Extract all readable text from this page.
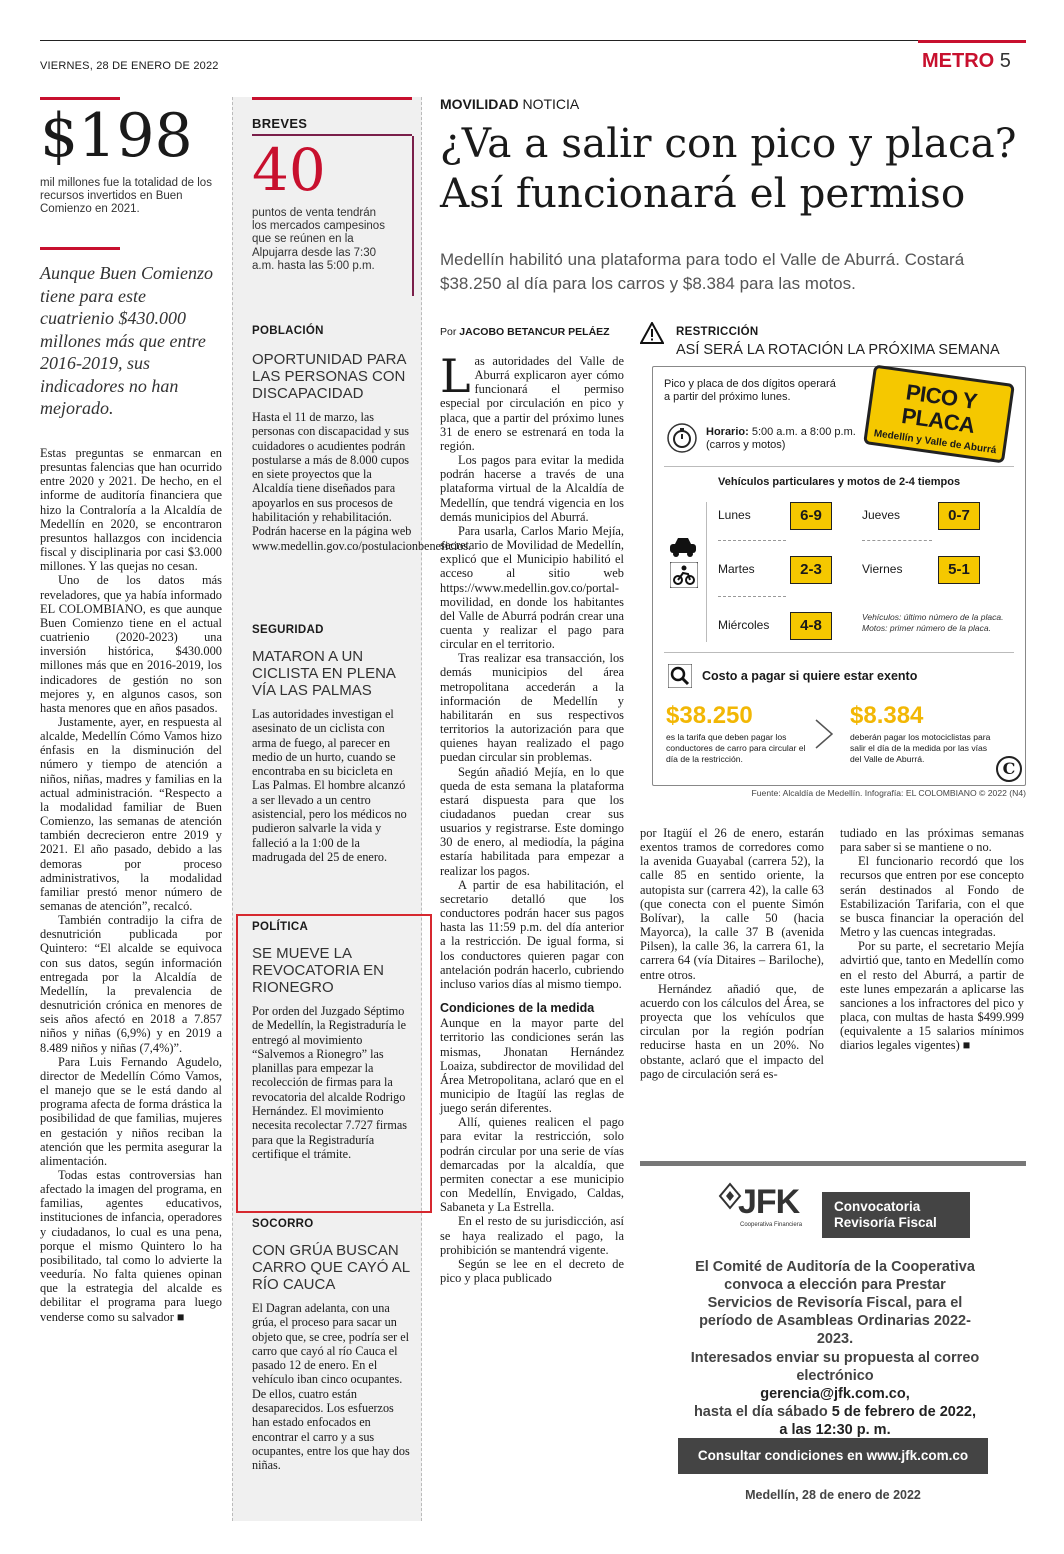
VIERNES, 28 DE ENERO DE 2022	METRO 5
$198
mil millones fue la totalidad de los recursos invertidos en Buen Comienzo en 2021.
Aunque Buen Comienzo tiene para este cuatrienio $430.000 millones más que entre 2016-2019, sus indicadores no han mejorado.

Estas preguntas se enmarcan en presuntas falencias que han ocurrido entre 2020 y 2021. De hecho, en el informe de auditoría financiera que hizo la Contraloría a la Alcaldía de Medellín en 2020, se encontraron presuntos hallazgos con incidencia fiscal y disciplinaria por casi $3.000 millones. Y las quejas no cesan.

Uno de los datos más reveladores, que ya había informado EL COLOMBIANO, es que aunque Buen Comienzo tiene en el actual cuatrienio (2020-2023) una inversión histórica, $430.000 millones más que en 2016-2019, los indicadores de gestión no son mejores y, en algunos casos, son hasta menores que en años pasados.

Justamente, ayer, en respuesta al alcalde, Medellín Cómo Vamos hizo énfasis en la disminución del número y tiempo de atención a niños, niñas, madres y familias en la actual administración. “Respecto a la modalidad familiar de Buen Comienzo, las semanas de atención también decrecieron entre 2019 y 2021. El año pasado, debido a las demoras por proceso administrativos, la modalidad familiar prestó menor número de semanas de atención”, recalcó.

También contradijo la cifra de desnutrición publicada por Quintero: “El alcalde se equivoca con sus datos, según información entregada por la Alcaldía de Medellín, la prevalencia de desnutrición crónica en menores de seis años afectó en 2018 a 7.857 niños y niñas (6,9%) y en 2019 a 8.489 niños y niñas (7,4%)”.

Para Luis Fernando Agudelo, director de Medellín Cómo Vamos, el manejo que se le está dando al programa afecta de forma drástica la posibilidad de que familias, mujeres en gestación y niños reciban la atención que les permita asegurar la alimentación.

Todas estas controversias han afectado la imagen del programa, en familias, agentes educativos, instituciones de infancia, operadores y ciudadanos, lo cual es una pena, porque el mismo Quintero lo ha posibilitado, tal como lo advierte la veeduría. No falta quienes opinan que la estrategia del alcalde es debilitar el programa para luego venderse como su salvador ■

BREVES
40
puntos de venta tendrán los mercados campesinos que se reúnen en la Alpujarra desde las 7:30 a.m. hasta las 5:00 p.m.
POBLACIÓN
OPORTUNIDAD PARA LAS PERSONAS CON DISCAPACIDAD
Hasta el 11 de marzo, las personas con discapacidad y sus cuidadores o acudientes podrán postularse a más de 8.000 cupos en siete proyectos que la Alcaldía tiene diseñados para apoyarlos en sus procesos de habilitación y rehabilitación. Podrán hacerse en la página web www.medellin.gov.co/postulacionbeneficios.
SEGURIDAD
MATARON A UN CICLISTA EN PLENA VÍA LAS PALMAS
Las autoridades investigan el asesinato de un ciclista con arma de fuego, al parecer en medio de un hurto, cuando se encontraba en su bicicleta en Las Palmas. El hombre alcanzó a ser llevado a un centro asistencial, pero los médicos no pudieron salvarle la vida y falleció a la 1:00 de la madrugada del 25 de enero.
POLÍTICA
SE MUEVE LA REVOCATORIA EN RIONEGRO
Por orden del Juzgado Séptimo de Medellín, la Registraduría le entregó al movimiento “Salvemos a Rionegro” las planillas para empezar la recolección de firmas para la revocatoria del alcalde Rodrigo Hernández. El movimiento necesita recolectar 7.727 firmas para que la Registraduría certifique el trámite.
SOCORRO
CON GRÚA BUSCAN CARRO QUE CAYÓ AL RÍO CAUCA
El Dagran adelanta, con una grúa, el proceso para sacar un objeto que, se cree, podría ser el carro que cayó al río Cauca el pasado 12 de enero. En el vehículo iban cinco ocupantes. De ellos, cuatro están desaparecidos. Los esfuerzos han estado enfocados en encontrar el carro y a sus ocupantes, entre los que hay dos niñas.
MOVILIDAD NOTICIA
¿Va a salir con pico y placa?
Así funcionará el permiso
Medellín habilitó una plataforma para todo el Valle de Aburrá. Costará $38.250 al día para los carros y $8.384 para las motos.
Por JACOBO BETANCUR PELÁEZ

Las autoridades del Valle de Aburrá explicaron ayer cómo funcionará el permiso especial por circulación en pico y placa, que a partir del próximo lunes 31 de enero se estrenará en toda la región.

Los pagos para evitar la medida podrán hacerse a través de una plataforma virtual de la Alcaldía de Medellín, que tendrá vigencia en los demás municipios del Aburrá.

Para usarla, Carlos Mario Mejía, secretario de Movilidad de Medellín, explicó que el Municipio habilitó el acceso al sitio web https://www.medellin.gov.co/portal-movilidad, en donde los habitantes del Valle de Aburrá podrán crear una cuenta y realizar el pago para circular en el territorio.

Tras realizar esa transacción, los demás municipios del área metropolitana accederán a la información de Medellín y habilitarán en sus respectivos territorios la autorización para que quienes hayan realizado el pago puedan circular sin problemas.

Según añadió Mejía, en lo que queda de esta semana la plataforma estará dispuesta para que los ciudadanos puedan crear sus usuarios y registrarse. Este domingo 30 de enero, al mediodía, la página estaría habilitada para empezar a realizar los pagos.

A partir de esa habilitación, el secretario detalló que los conductores podrán hacer sus pagos hasta las 11:59 p.m. del día anterior a la restricción. De igual forma, si los conductores quieren pagar con antelación podrán hacerlo, cubriendo incluso varios días al mismo tiempo.

Condiciones de la medida

Aunque en la mayor parte del territorio las condiciones serán las mismas, Jhonatan Hernández Loaiza, subdirector de movilidad del Área Metropolitana, aclaró que en el municipio de Itagüí las reglas de juego serán diferentes.

Allí, quienes realicen el pago para evitar la restricción, solo podrán circular por una serie de vías demarcadas por la alcaldía, que permiten conectar a ese municipio con Medellín, Envigado, Caldas, Sabaneta y La Estrella.

En el resto de su jurisdicción, así se haya realizado el pago, la prohibición se mantendrá vigente.

Según se lee en el decreto de pico y placa publicado

por Itagüí el 26 de enero, estarán exentos tramos de corredores como la avenida Guayabal (carrera 52), la calle 85 en sentido oriente, la autopista sur (carrera 42), la calle 63 (que conecta con el puente Simón Bolívar), la calle 50 (hacia Mayorca), la calle 37 B (avenida Pilsen), la calle 36, la carrera 61, la carrera 64 (vía Ditaires – Bariloche), entre otros.

Hernández añadió que, de acuerdo con los cálculos del Área, se proyecta que los vehículos que circulan por la región podrían reducirse hasta en un 20%. No obstante, aclaró que el impacto del pago de circulación será es-

tudiado en las próximas semanas para saber si se mantiene o no.

El funcionario recordó que los recursos que entren por ese concepto serán destinados al Fondo de Estabilización Tarifaria, con el que se busca financiar la operación del Metro y las cuencas integradas.

Por su parte, el secretario Mejía advirtió que, tanto en Medellín como en el resto del Aburrá, a partir de este lunes empezarán a aplicarse las sanciones a los infractores del pico y placa, con multas de hasta $499.999 (equivalente a 15 salarios mínimos diarios legales vigentes) ■

RESTRICCIÓN
ASÍ SERÁ LA ROTACIÓN LA PRÓXIMA SEMANA
Pico y placa de dos dígitos operará a partir del próximo lunes.	PICO Y PLACA
Medellín y Valle de Aburrá
Horario: 5:00 a.m. a 8:00 p.m.
(carros y motos)
Vehículos particulares y motos de 2-4 tiempos
Lunes	6-9
Martes	2-3
Miércoles	4-8
Jueves	0-7
Viernes	5-1
Vehículos: último número de la placa.
Motos: primer número de la placa.
Costo a pagar si quiere estar exento
$38.250
es la tarifa que deben pagar los conductores de carro para circular el día de la restricción.
$8.384
deberán pagar los motociclistas para salir el día de la medida por las vías del Valle de Aburrá.	C
Fuente: Alcaldía de Medellín. Infografía: EL COLOMBIANO © 2022 (N4)
JFK
Cooperativa Financiera
Convocatoria
Revisoría Fiscal
El Comité de Auditoría de la Cooperativa convoca a elección para Prestar Servicios de Revisoría Fiscal, para el período de Asambleas Ordinarias 2022-2023.
Interesados enviar su propuesta al correo electrónico
gerencia@jfk.com.co,
hasta el día sábado 5 de febrero de 2022,
a las 12:30 p. m.
Consultar condiciones en www.jfk.com.co
Medellín, 28 de enero de 2022
